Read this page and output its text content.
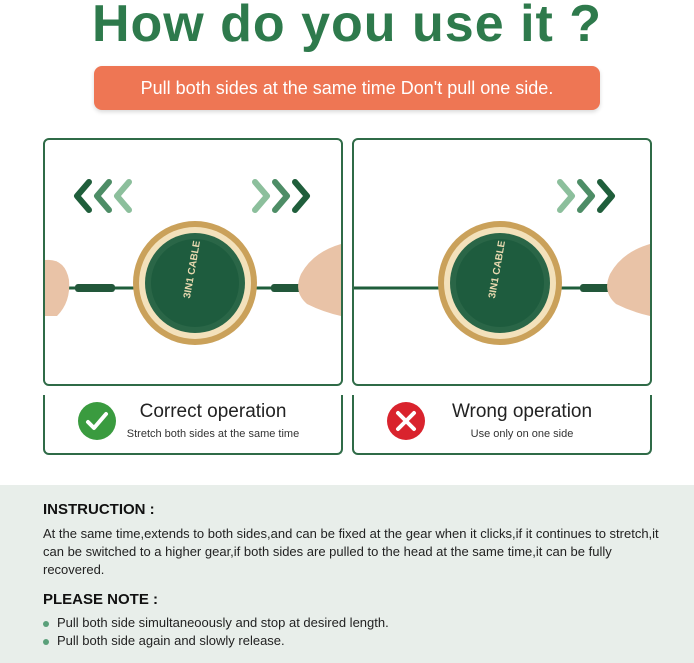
How do you use it ?
Pull both sides at the same time Don't pull one side.
3IN1 CABLE	3IN1 CABLE
Correct operation
Stretch both sides at the same time
Wrong operation
Use only on one side
INSTRUCTION :
At the same time,extends to both sides,and can be fixed at the gear when it clicks,if it continues to stretch,it can be switched to a higher gear,if both sides are pulled to the head at the same time,it can be fully recovered.
PLEASE NOTE :
Pull both side simultaneoously and stop at desired length.
Pull both side again and slowly release.
